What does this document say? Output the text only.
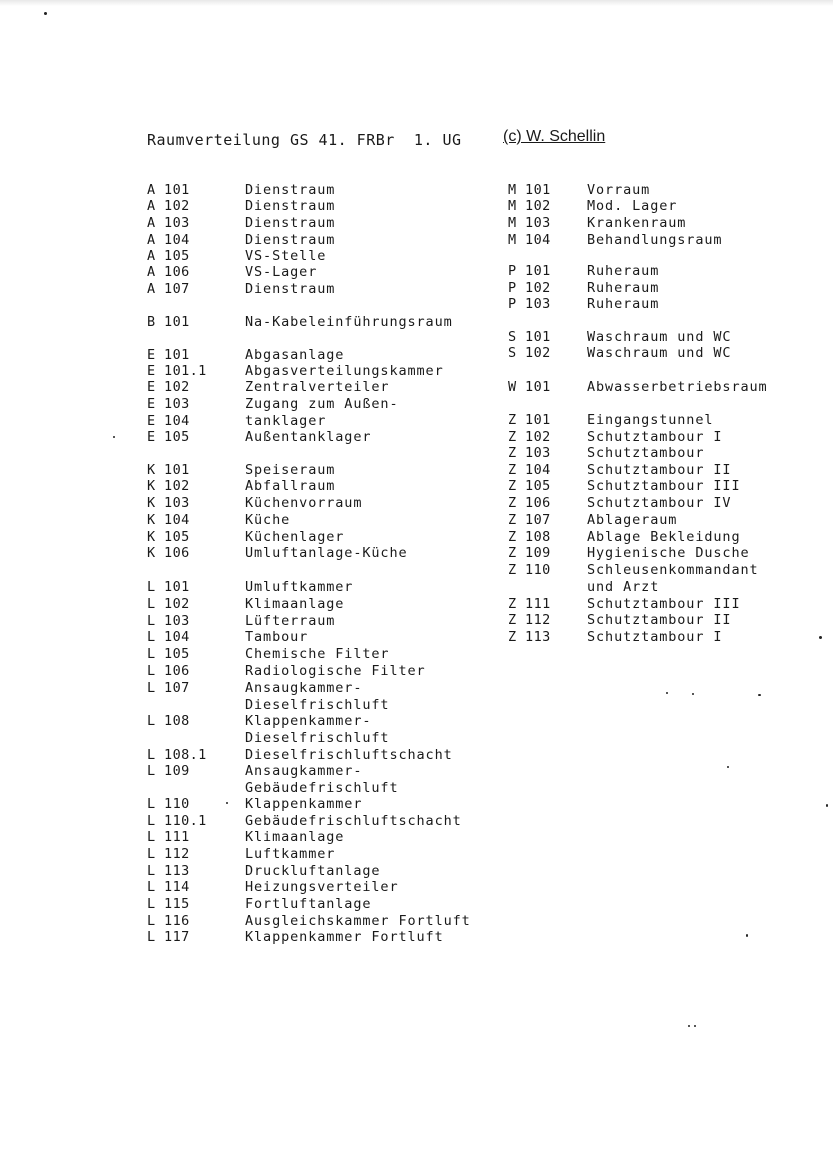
Raumverteilung GS 41. FRBr  1. UG	(c) W. Schellin
A 101	Dienstraum
A 102	Dienstraum
A 103	Dienstraum
A 104	Dienstraum
A 105	VS-Stelle
A 106	VS-Lager
A 107	Dienstraum
B 101	Na-Kabeleinführungsraum
E 101	Abgasanlage
E 101.1	Abgasverteilungskammer
E 102	Zentralverteiler
E 103	Zugang zum Außen-
E 104	tanklager
E 105	Außentanklager
K 101	Speiseraum
K 102	Abfallraum
K 103	Küchenvorraum
K 104	Küche
K 105	Küchenlager
K 106	Umluftanlage-Küche
L 101	Umluftkammer
L 102	Klimaanlage
L 103	Lüfterraum
L 104	Tambour
L 105	Chemische Filter
L 106	Radiologische Filter
L 107	Ansaugkammer-
Dieselfrischluft
L 108	Klappenkammer-
Dieselfrischluft
L 108.1	Dieselfrischluftschacht
L 109	Ansaugkammer-
Gebäudefrischluft
L 110	Klappenkammer
L 110.1	Gebäudefrischluftschacht
L 111	Klimaanlage
L 112	Luftkammer
L 113	Druckluftanlage
L 114	Heizungsverteiler
L 115	Fortluftanlage
L 116	Ausgleichskammer Fortluft
L 117	Klappenkammer Fortluft
M 101	Vorraum
M 102	Mod. Lager
M 103	Krankenraum
M 104	Behandlungsraum
P 101	Ruheraum
P 102	Ruheraum
P 103	Ruheraum
S 101	Waschraum und WC
S 102	Waschraum und WC
W 101	Abwasserbetriebsraum
Z 101	Eingangstunnel
Z 102	Schutztambour I
Z 103	Schutztambour
Z 104	Schutztambour II
Z 105	Schutztambour III
Z 106	Schutztambour IV
Z 107	Ablageraum
Z 108	Ablage Bekleidung
Z 109	Hygienische Dusche
Z 110	Schleusenkommandant
und Arzt
Z 111	Schutztambour III
Z 112	Schutztambour II
Z 113	Schutztambour I
